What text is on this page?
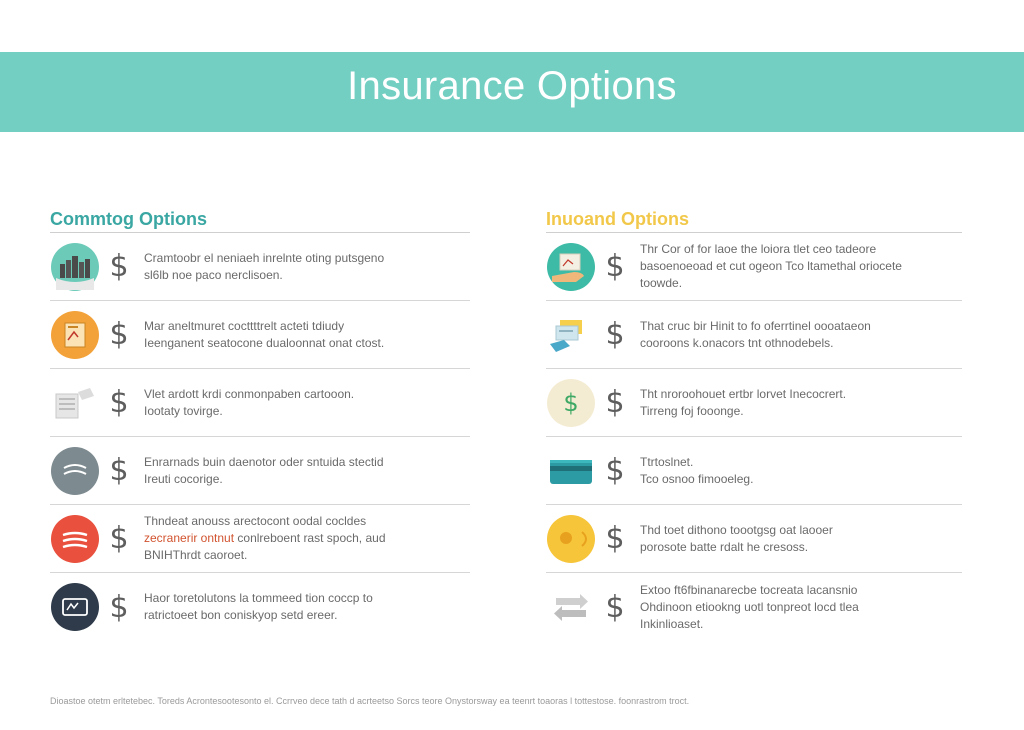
Insurance Options
Commtog Options
$	Cramtoobr el neniaeh inrelnte oting putsgeno
sl6lb noe paco nerclisoen.
$	Mar aneltmuret cocttttrelt acteti tdiudy
Ieenganent seatocone dualoonnat onat ctost.
$	Vlet ardott krdi conmonpaben cartooon.
Iootaty tovirge.
$	Enrarnads buin daenotor oder sntuida stectid
Ireuti cocorige.
$	Thndeat anouss arectocont oodal cocldes
zecranerir ontnut conlreboent rast spoch, aud
BNIHThrdt caoroet.
$	Haor toretolutons la tommeed tion coccp to
ratrictoeet bon coniskyop setd ereer.
Inuoand Options
$	Thr Cor of for laoe the loiora tlet ceo tadeore
basoenoeoad et cut ogeon Tco ltamethal oriocete
toowde.
$	That cruc bir Hinit to fo oferrtinel oooataeon
cooroons k.onacors tnt othnodebels.
$ $	Tht nroroohouet ertbr lorvet Inecocrert.
Tirreng foj fooonge.
$	Ttrtoslnet.
Tco osnoo fimooeleg.
$	Thd toet dithono toootgsg oat laooer
porosote batte rdalt he cresoss.
$	Extoo ft6fbinanarecbe tocreata lacansnio
Ohdinoon etiookng uotl tonpreot locd tlea
Inkinlioaset.
Dioastoe otetm erltetebec. Toreds Acrontesootesonto el. Ccrrveo dece tath d acrteetso Sorcs teore Onystorsway ea teenrt toaoras l tottestose. foonrastrom troct.
